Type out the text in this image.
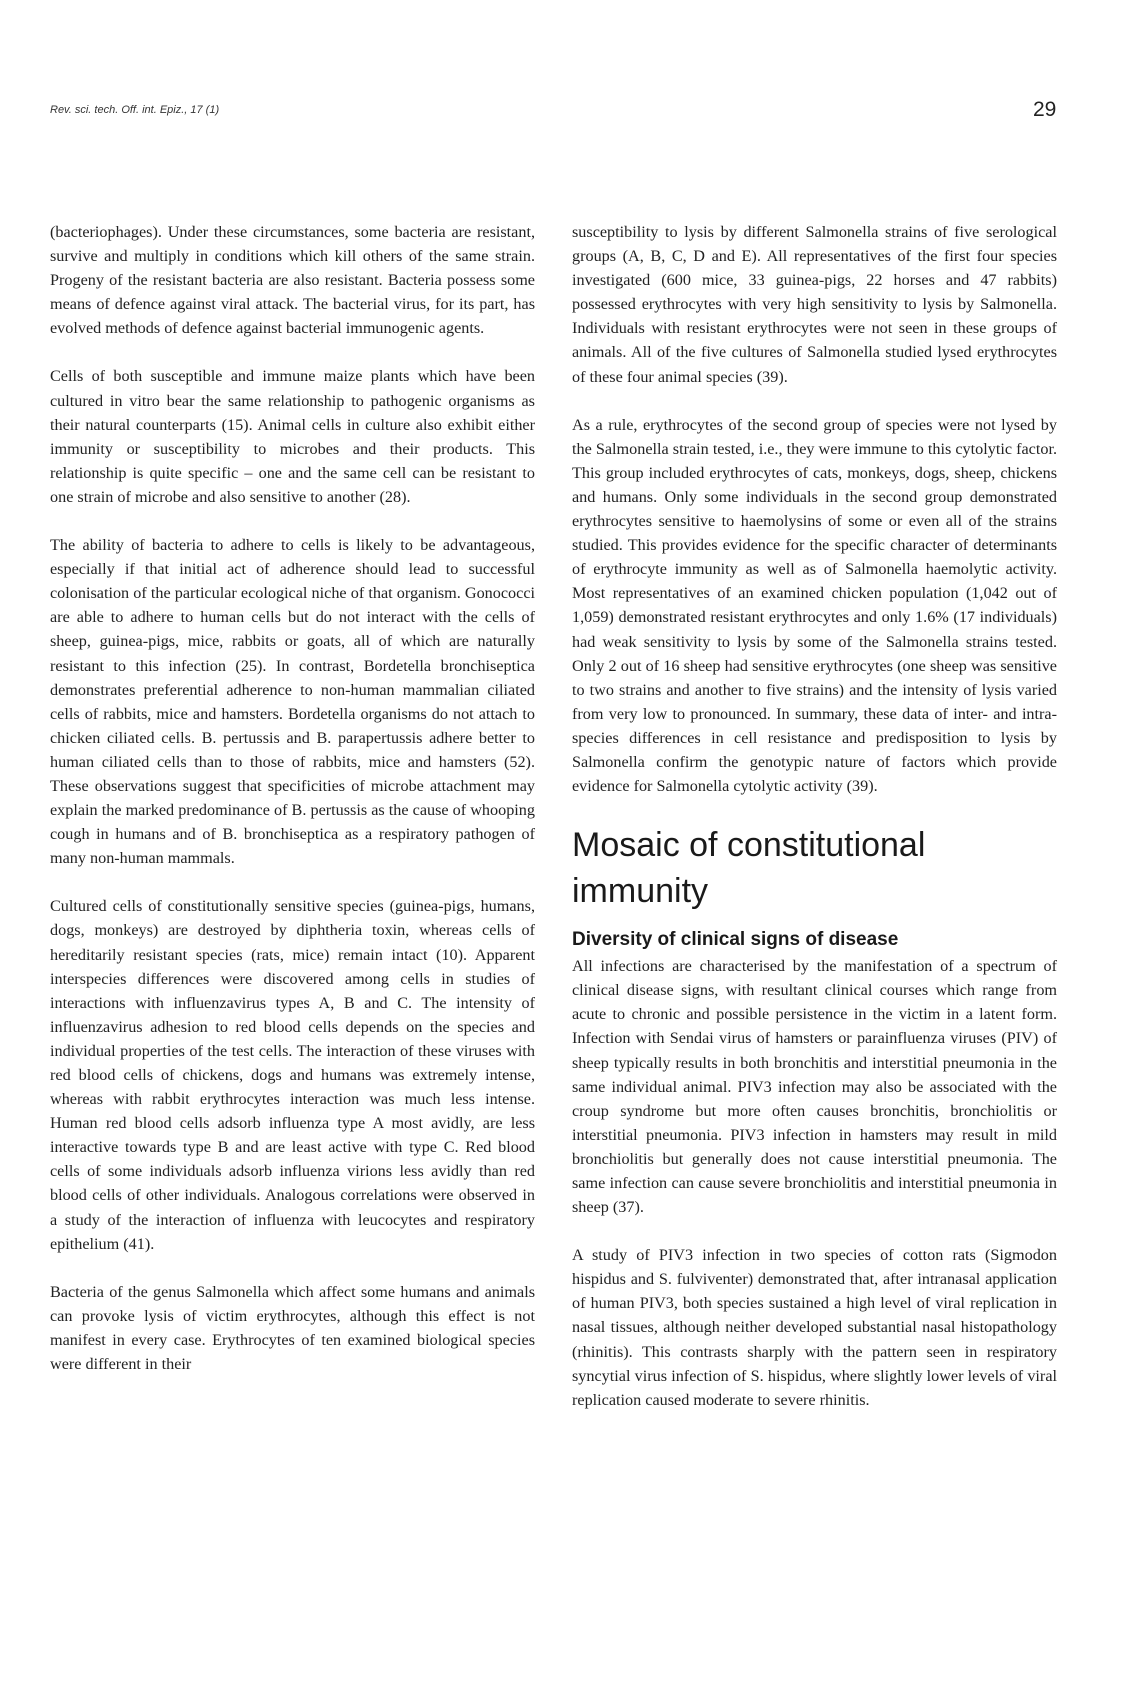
Rev. sci. tech. Off. int. Epiz., 17 (1)	29

(bacteriophages). Under these circumstances, some bacteria are resistant, survive and multiply in conditions which kill others of the same strain. Progeny of the resistant bacteria are also resistant. Bacteria possess some means of defence against viral attack. The bacterial virus, for its part, has evolved methods of defence against bacterial immunogenic agents.

Cells of both susceptible and immune maize plants which have been cultured in vitro bear the same relationship to pathogenic organisms as their natural counterparts (15). Animal cells in culture also exhibit either immunity or susceptibility to microbes and their products. This relationship is quite specific – one and the same cell can be resistant to one strain of microbe and also sensitive to another (28).

The ability of bacteria to adhere to cells is likely to be advantageous, especially if that initial act of adherence should lead to successful colonisation of the particular ecological niche of that organism. Gonococci are able to adhere to human cells but do not interact with the cells of sheep, guinea-pigs, mice, rabbits or goats, all of which are naturally resistant to this infection (25). In contrast, Bordetella bronchiseptica demonstrates preferential adherence to non-human mammalian ciliated cells of rabbits, mice and hamsters. Bordetella organisms do not attach to chicken ciliated cells. B. pertussis and B. parapertussis adhere better to human ciliated cells than to those of rabbits, mice and hamsters (52). These observations suggest that specificities of microbe attachment may explain the marked predominance of B. pertussis as the cause of whooping cough in humans and of B. bronchiseptica as a respiratory pathogen of many non-human mammals.

Cultured cells of constitutionally sensitive species (guinea-pigs, humans, dogs, monkeys) are destroyed by diphtheria toxin, whereas cells of hereditarily resistant species (rats, mice) remain intact (10). Apparent interspecies differences were discovered among cells in studies of interactions with influenzavirus types A, B and C. The intensity of influenzavirus adhesion to red blood cells depends on the species and individual properties of the test cells. The interaction of these viruses with red blood cells of chickens, dogs and humans was extremely intense, whereas with rabbit erythrocytes interaction was much less intense. Human red blood cells adsorb influenza type A most avidly, are less interactive towards type B and are least active with type C. Red blood cells of some individuals adsorb influenza virions less avidly than red blood cells of other individuals. Analogous correlations were observed in a study of the interaction of influenza with leucocytes and respiratory epithelium (41).

Bacteria of the genus Salmonella which affect some humans and animals can provoke lysis of victim erythrocytes, although this effect is not manifest in every case. Erythrocytes of ten examined biological species were different in their

susceptibility to lysis by different Salmonella strains of five serological groups (A, B, C, D and E). All representatives of the first four species investigated (600 mice, 33 guinea-pigs, 22 horses and 47 rabbits) possessed erythrocytes with very high sensitivity to lysis by Salmonella. Individuals with resistant erythrocytes were not seen in these groups of animals. All of the five cultures of Salmonella studied lysed erythrocytes of these four animal species (39).

As a rule, erythrocytes of the second group of species were not lysed by the Salmonella strain tested, i.e., they were immune to this cytolytic factor. This group included erythrocytes of cats, monkeys, dogs, sheep, chickens and humans. Only some individuals in the second group demonstrated erythrocytes sensitive to haemolysins of some or even all of the strains studied. This provides evidence for the specific character of determinants of erythrocyte immunity as well as of Salmonella haemolytic activity. Most representatives of an examined chicken population (1,042 out of 1,059) demonstrated resistant erythrocytes and only 1.6% (17 individuals) had weak sensitivity to lysis by some of the Salmonella strains tested. Only 2 out of 16 sheep had sensitive erythrocytes (one sheep was sensitive to two strains and another to five strains) and the intensity of lysis varied from very low to pronounced. In summary, these data of inter- and intra-species differences in cell resistance and predisposition to lysis by Salmonella confirm the genotypic nature of factors which provide evidence for Salmonella cytolytic activity (39).

Mosaic of constitutional immunity
Diversity of clinical signs of disease

All infections are characterised by the manifestation of a spectrum of clinical disease signs, with resultant clinical courses which range from acute to chronic and possible persistence in the victim in a latent form. Infection with Sendai virus of hamsters or parainfluenza viruses (PIV) of sheep typically results in both bronchitis and interstitial pneumonia in the same individual animal. PIV3 infection may also be associated with the croup syndrome but more often causes bronchitis, bronchiolitis or interstitial pneumonia. PIV3 infection in hamsters may result in mild bronchiolitis but generally does not cause interstitial pneumonia. The same infection can cause severe bronchiolitis and interstitial pneumonia in sheep (37).

A study of PIV3 infection in two species of cotton rats (Sigmodon hispidus and S. fulviventer) demonstrated that, after intranasal application of human PIV3, both species sustained a high level of viral replication in nasal tissues, although neither developed substantial nasal histopathology (rhinitis). This contrasts sharply with the pattern seen in respiratory syncytial virus infection of S. hispidus, where slightly lower levels of viral replication caused moderate to severe rhinitis.
